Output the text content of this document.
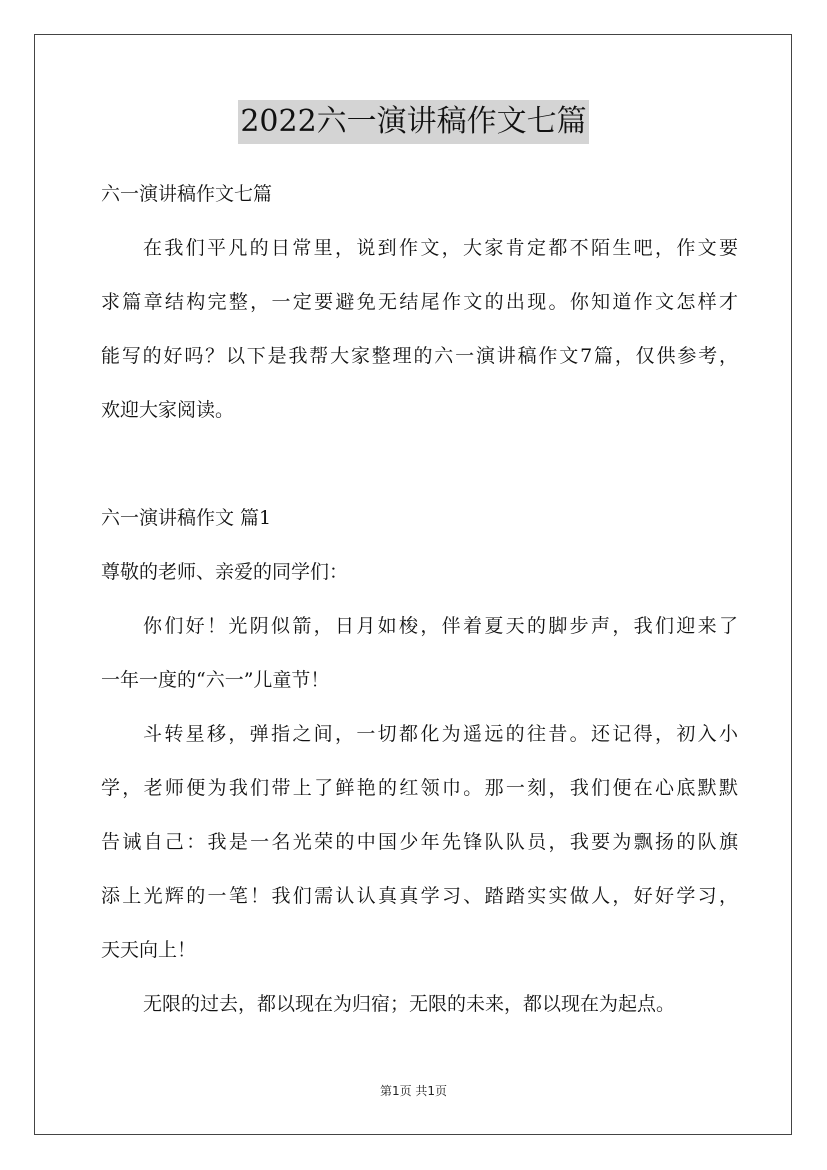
2022六一演讲稿作文七篇
六一演讲稿作文七篇
在我们平凡的日常里，说到作文，大家肯定都不陌生吧，作文要
求篇章结构完整，一定要避免无结尾作文的出现。你知道作文怎样才
能写的好吗？以下是我帮大家整理的六一演讲稿作文7篇，仅供参考，
欢迎大家阅读。
六一演讲稿作文 篇1
尊敬的老师、亲爱的同学们：
你们好！光阴似箭，日月如梭，伴着夏天的脚步声，我们迎来了
一年一度的“六一”儿童节！
斗转星移，弹指之间，一切都化为遥远的往昔。还记得，初入小
学，老师便为我们带上了鲜艳的红领巾。那一刻，我们便在心底默默
告诫自己：我是一名光荣的中国少年先锋队队员，我要为飘扬的队旗
添上光辉的一笔！我们需认认真真学习、踏踏实实做人，好好学习，
天天向上！
无限的过去，都以现在为归宿；无限的未来，都以现在为起点。
第1页 共1页
